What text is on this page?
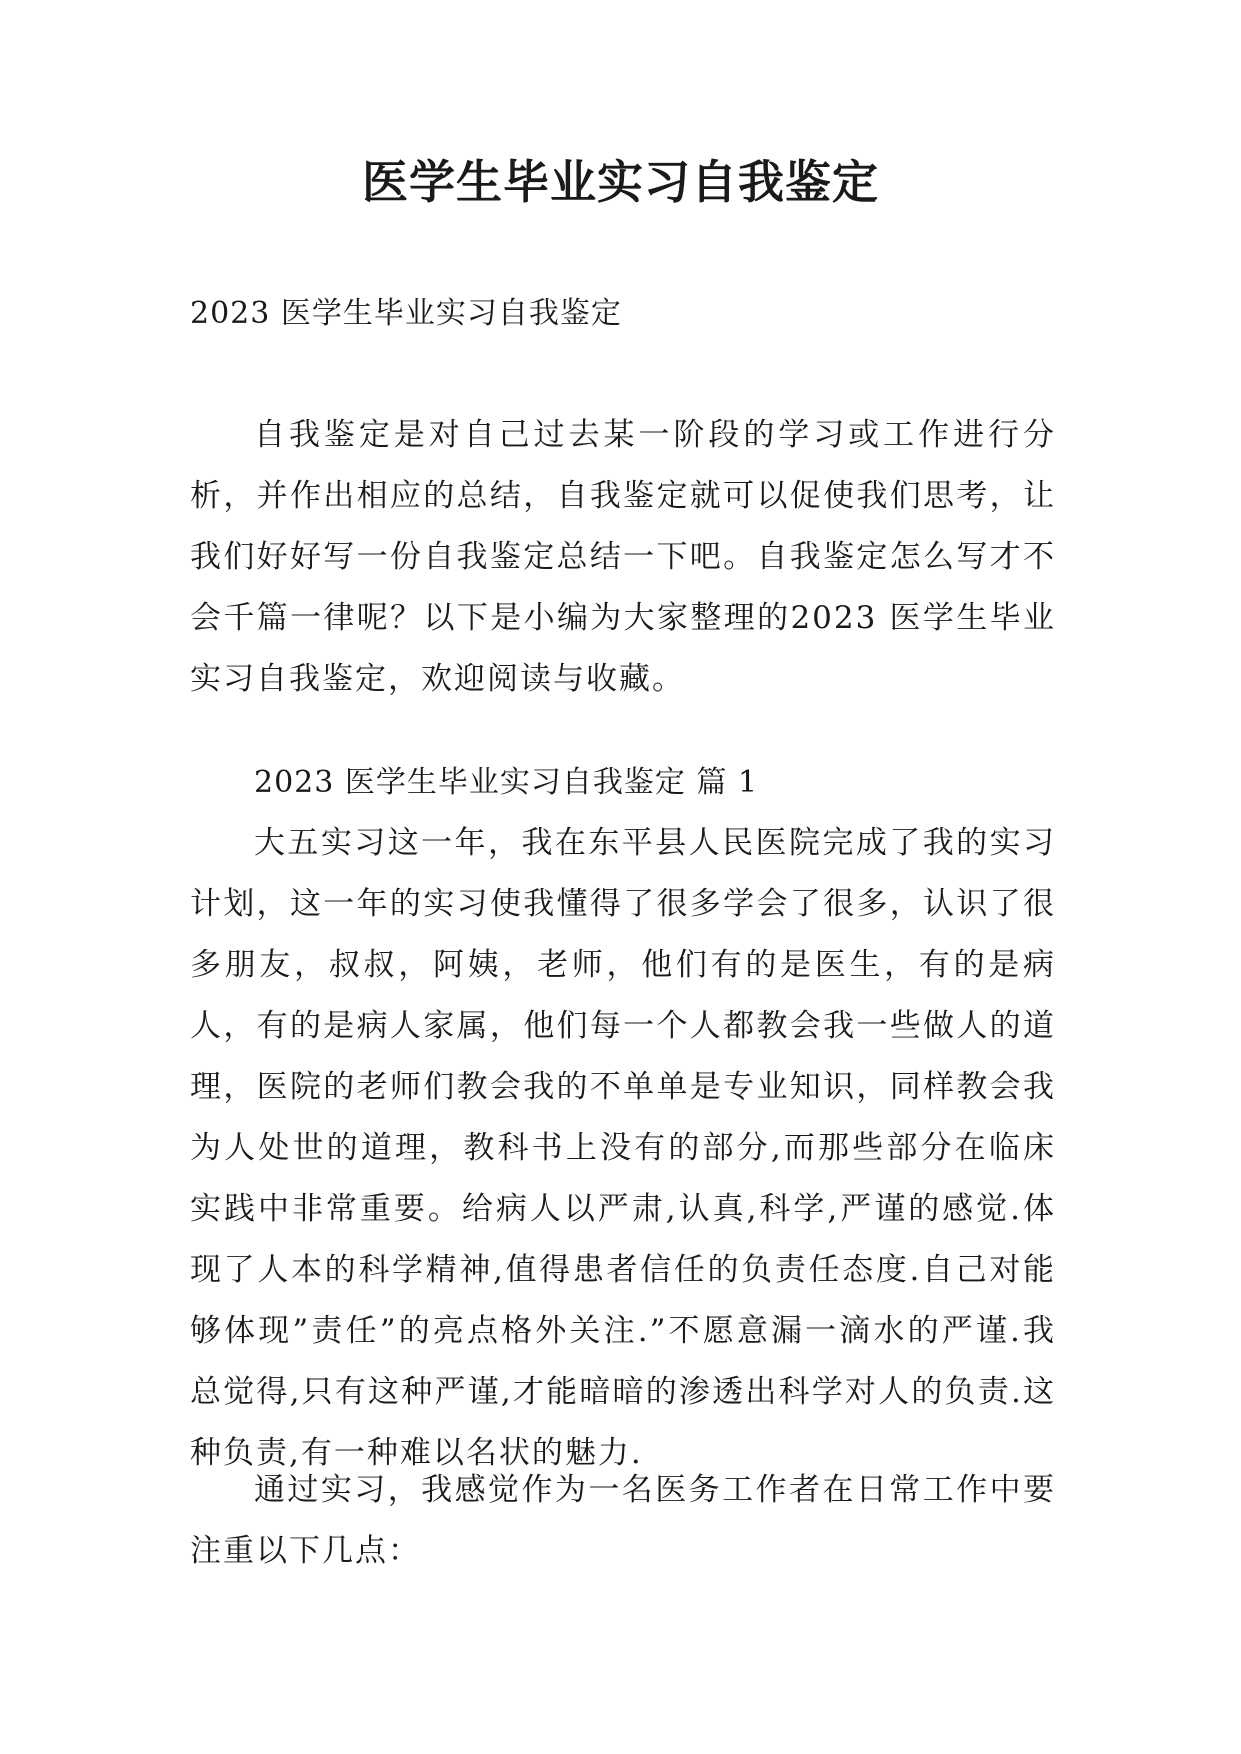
医学生毕业实习自我鉴定

2023 医学生毕业实习自我鉴定

自我鉴定是对自己过去某一阶段的学习或工作进行分析，并作出相应的总结，自我鉴定就可以促使我们思考，让我们好好写一份自我鉴定总结一下吧。自我鉴定怎么写才不会千篇一律呢？以下是小编为大家整理的2023 医学生毕业实习自我鉴定，欢迎阅读与收藏。

2023 医学生毕业实习自我鉴定 篇 1

大五实习这一年，我在东平县人民医院完成了我的实习计划，这一年的实习使我懂得了很多学会了很多，认识了很多朋友，叔叔，阿姨，老师，他们有的是医生，有的是病人，有的是病人家属，他们每一个人都教会我一些做人的道理，医院的老师们教会我的不单单是专业知识，同样教会我为人处世的道理，教科书上没有的部分,而那些部分在临床实践中非常重要。给病人以严肃,认真,科学,严谨的感觉.体现了人本的科学精神,值得患者信任的负责任态度.自己对能够体现”责任”的亮点格外关注.”不愿意漏一滴水的严谨.我总觉得,只有这种严谨,才能暗暗的渗透出科学对人的负责.这种负责,有一种难以名状的魅力.

通过实习，我感觉作为一名医务工作者在日常工作中要注重以下几点：
